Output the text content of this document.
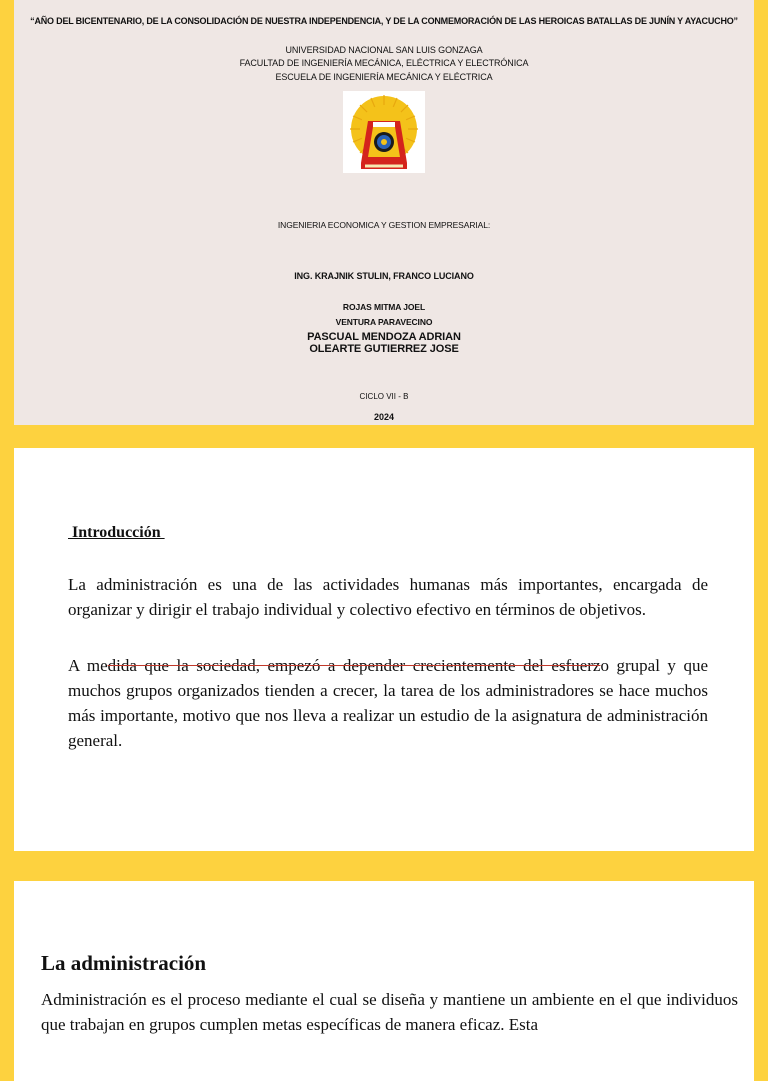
“AÑO DEL BICENTENARIO, DE LA CONSOLIDACIÓN DE NUESTRA INDEPENDENCIA, Y DE LA CONMEMORACIÓN DE LAS HEROICAS BATALLAS DE JUNÍN Y AYACUCHO”
UNIVERSIDAD NACIONAL SAN LUIS GONZAGA
FACULTAD DE INGENIERÍA MECÁNICA, ELÉCTRICA Y ELECTRÓNICA
ESCUELA DE INGENIERÍA MECÁNICA Y ELÉCTRICA
INGENIERIA ECONOMICA Y GESTION EMPRESARIAL:
ING. KRAJNIK STULIN, FRANCO LUCIANO
ROJAS MITMA JOEL
VENTURA PARAVECINO
PASCUAL MENDOZA ADRIAN
OLEARTE GUTIERREZ JOSE
CICLO VII - B
2024
Introducción
La administración es una de las actividades humanas más importantes, encargada de organizar y dirigir el trabajo individual y colectivo efectivo en términos de objetivos.
A medida que la sociedad, empezó a depender crecientemente del esfuerzo grupal y que muchos grupos organizados tienden a crecer, la tarea de los administradores se hace muchos más importante, motivo que nos lleva a realizar un estudio de la asignatura de administración general.
La administración
Administración es el proceso mediante el cual se diseña y mantiene un ambiente en el que individuos que trabajan en grupos cumplen metas específicas de manera eficaz. Esta
